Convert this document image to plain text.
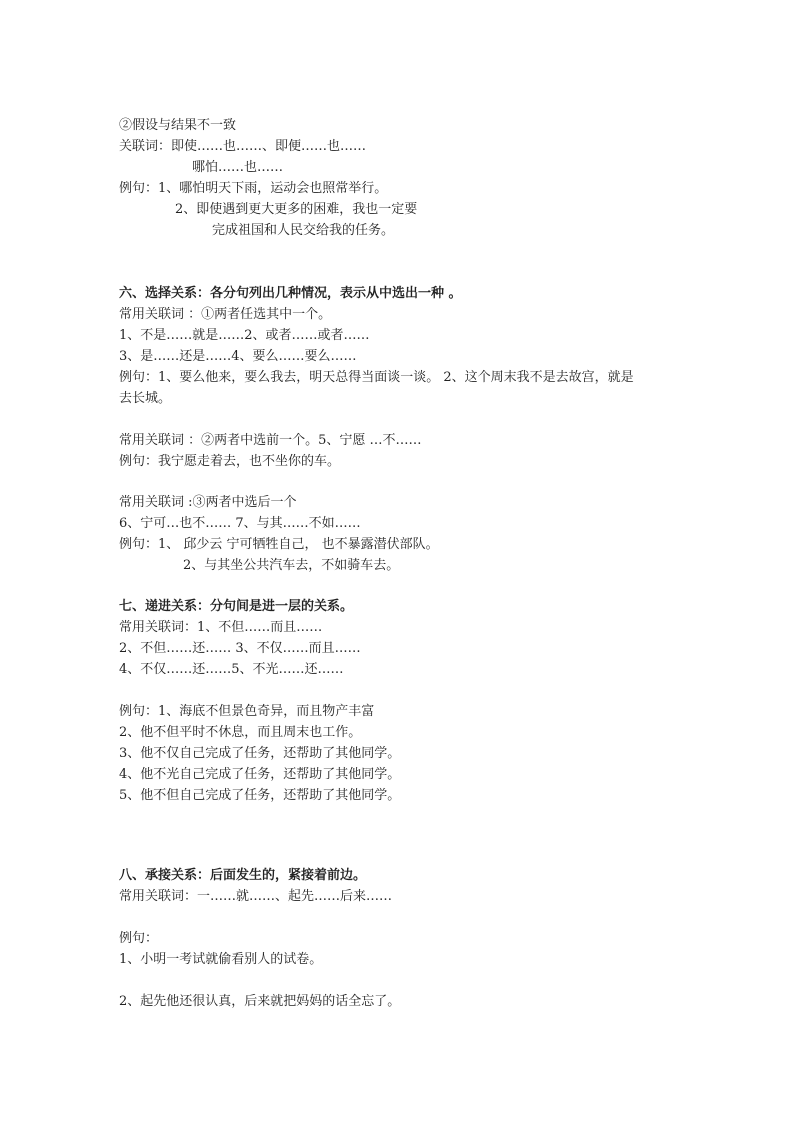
②假设与结果不一致
关联词：即使……也……、即便……也……
哪怕……也……
例句：1、哪怕明天下雨，运动会也照常举行。
2、即使遇到更大更多的困难，我也一定要
完成祖国和人民交给我的任务。
六、选择关系：各分句列出几种情况，表示从中选出一种 。
常用关联词 ：①两者任选其中一个。
1、不是……就是……2、或者……或者……
3、是……还是……4、要么……要么……
例句：1、要么他来，要么我去，明天总得当面谈一谈。 2、这个周末我不是去故宫，就是
去长城。
常用关联词 ：②两者中选前一个。5、宁愿 …不……
例句：我宁愿走着去，也不坐你的车。
常用关联词 :③两者中选后一个
6、宁可…也不…… 7、与其……不如……
例句：1、 邱少云 宁可牺牲自己， 也不暴露潜伏部队。
2、与其坐公共汽车去，不如骑车去。
七、递进关系：分句间是进一层的关系。
常用关联词：1、不但……而且……
2、不但……还…… 3、不仅……而且……
4、不仅……还……5、不光……还……
例句：1、海底不但景色奇异，而且物产丰富
2、他不但平时不休息，而且周末也工作。
3、他不仅自己完成了任务，还帮助了其他同学。
4、他不光自己完成了任务，还帮助了其他同学。
5、他不但自己完成了任务，还帮助了其他同学。
八、承接关系：后面发生的，紧接着前边。
常用关联词：一……就……、起先……后来……
例句：
1、小明一考试就偷看别人的试卷。
2、起先他还很认真，后来就把妈妈的话全忘了。
